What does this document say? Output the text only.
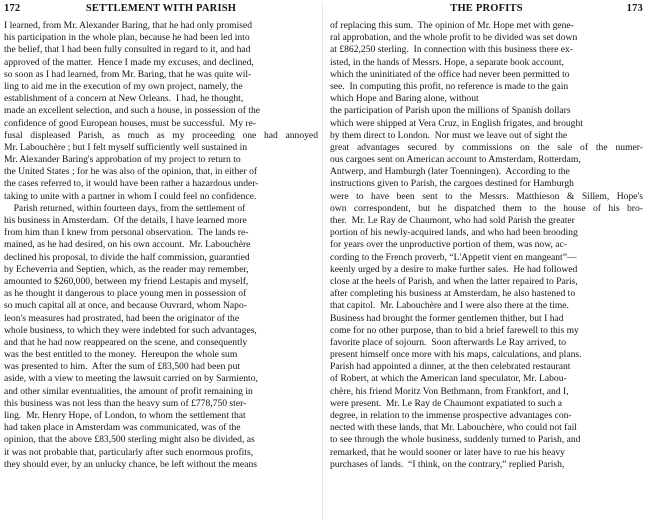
SETTLEMENT WITH PARISH
172
I learned, from Mr. Alexander Baring, that he had only promised
his participation in the whole plan, because he had been led into
the belief, that I had been fully consulted in regard to it, and had
approved of the matter.  Hence I made my excuses, and declined,
so soon as I had learned, from Mr. Baring, that he was quite wil-
ling to aid me in the execution of my own project, namely, the
establishment of a concern at New Orleans.  I had, he thought,
made an excellent selection, and such a house, in possession of the
confidence of good European houses, must be successful.  My re-
fusal displeased Parish, as much as my proceeding one had annoyed
Mr. Labouchère ; but I felt myself sufficiently well sustained in
Mr. Alexander Baring's approbation of my project to return to
the United States ; for he was also of the opinion, that, in either of
the cases referred to, it would have been rather a hazardous under-
taking to unite with a partner in whom I could feel no confidence.
Parish returned, within fourteen days, from the settlement of
his business in Amsterdam.  Of the details, I have learned more
from him than I knew from personal observation.  The lands re-
mained, as he had desired, on his own account.  Mr. Labouchère
declined his proposal, to divide the half commission, guarantied
by Echeverria and Septien, which, as the reader may remember,
amounted to $260,000, between my friend Lestapis and myself,
as he thought it dangerous to place young men in possession of
so much capital all at once, and because Ouvrard, whom Napo-
leon's measures had prostrated, had been the originator of the
whole business, to which they were indebted for such advantages,
and that he had now reappeared on the scene, and consequently
was the best entitled to the money.  Hereupon the whole sum
was presented to him.  After the sum of £83,500 had been put
aside, with a view to meeting the lawsuit carried on by Sarmiento,
and other similar eventualities, the amount of profit remaining in
this business was not less than the heavy sum of £778,750 ster-
ling.  Mr. Henry Hope, of London, to whom the settlement that
had taken place in Amsterdam was communicated, was of the
opinion, that the above £83,500 sterling might also be divided, as
it was not probable that, particularly after such enormous profits,
they should ever, by an unlucky chance, be left without the means
THE PROFITS	173
of replacing this sum.  The opinion of Mr. Hope met with gene-
ral approbation, and the whole profit to be divided was set down
at £862,250 sterling.  In connection with this business there ex-
isted, in the hands of Messrs. Hope, a separate book account,
which the uninitiated of the office had never been permitted to
see.  In computing this profit, no reference is made to the gain
which Hope and Baring alone, without
the participation of Parish upon the millions of Spanish dollars
which were shipped at Vera Cruz, in English frigates, and brought
by them direct to London.  Nor must we leave out of sight the
great advantages secured by commissions on the sale of the numer-
ous cargoes sent on American account to Amsterdam, Rotterdam,
Antwerp, and Hamburgh (later Toenningen).  According to the
instructions given to Parish, the cargoes destined for Hamburgh
were to have been sent to the Messrs. Matthieson & Sillem, Hope's
own correspondent, but he dispatched them to the house of his bro-
ther.  Mr. Le Ray de Chaumont, who had sold Parish the greater
portion of his newly-acquired lands, and who had been brooding
for years over the unproductive portion of them, was now, ac-
cording to the French proverb, “L'Appetit vient en mangeant”—
keenly urged by a desire to make further sales.  He had followed
close at the heels of Parish, and when the latter repaired to Paris,
after completing his business at Amsterdam, he also hastened to
that capitol.  Mr. Labouchère and I were also there at the time.
Business had brought the former gentlemen thither, but I had
come for no other purpose, than to bid a brief farewell to this my
favorite place of sojourn.  Soon afterwards Le Ray arrived, to
present himself once more with his maps, calculations, and plans.
Parish had appointed a dinner, at the then celebrated restaurant
of Robert, at which the American land speculator, Mr. Labou-
chère, his friend Moritz Von Bethmann, from Frankfort, and I,
were present.  Mr. Le Ray de Chaumont expatiated to such a
degree, in relation to the immense prospective advantages con-
nected with these lands, that Mr. Labouchère, who could not fail
to see through the whole business, suddenly turned to Parish, and
remarked, that he would sooner or later have to rue his heavy
purchases of lands.  “I think, on the contrary,” replied Parish,
